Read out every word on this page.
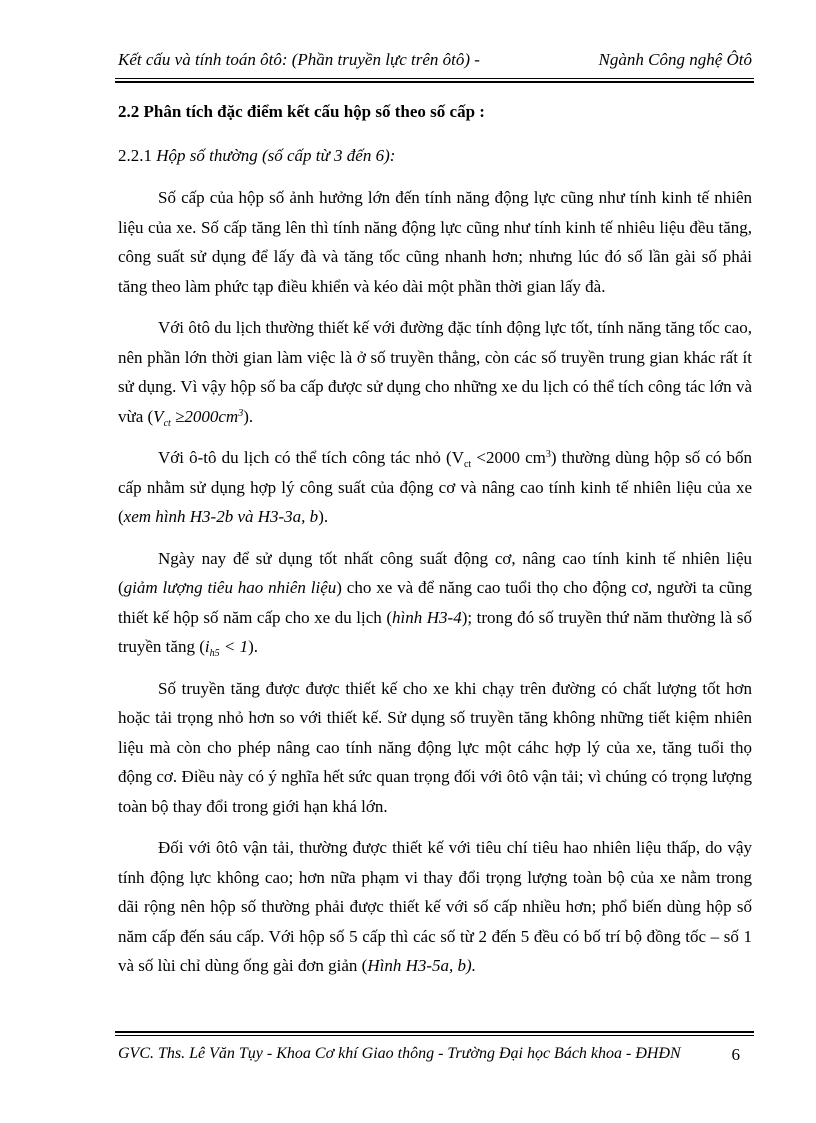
Kết cấu và tính toán ôtô: (Phần truyền lực trên ôtô) -	Ngành Công nghệ Ôtô
2.2 Phân tích đặc điểm kết cấu hộp số theo số cấp :
2.2.1 Hộp số thường (số cấp từ 3 đến 6):

Số cấp của hộp số ảnh hưởng lớn đến tính năng động lực cũng như tính kinh tế nhiên liệu của xe. Số cấp tăng lên thì tính năng động lực cũng như tính kinh tế nhiêu liệu đều tăng, công suất sử dụng để lấy đà và tăng tốc cũng nhanh hơn; nhưng lúc đó số lần gài số phải tăng theo làm phức tạp điều khiển và kéo dài một phần thời gian lấy đà.

Với ôtô du lịch thường thiết kế với đường đặc tính động lực tốt, tính năng tăng tốc cao, nên phần lớn thời gian làm việc là ở số truyền thẳng, còn các số truyền trung gian khác rất ít sử dụng. Vì vậy hộp số ba cấp được sử dụng cho những xe du lịch có thể tích công tác lớn và vừa $(V_{ct} \ge 2000cm^3)$.

Với ô-tô du lịch có thể tích công tác nhỏ ($V_{ct} <2000$ $cm^3$) thường dùng hộp số có bốn cấp nhằm sử dụng hợp lý công suất của động cơ và nâng cao tính kinh tế nhiên liệu của xe (xem hình H3-2b và H3-3a, b).

Ngày nay để sử dụng tốt nhất công suất động cơ, nâng cao tính kinh tế nhiên liệu (giảm lượng tiêu hao nhiên liệu) cho xe và để năng cao tuổi thọ cho động cơ, người ta cũng thiết kế hộp số năm cấp cho xe du lịch (hình H3-4); trong đó số truyền thứ năm thường là số truyền tăng $(i_{h5} < 1)$.

Số truyền tăng được được thiết kế cho xe khi chạy trên đường có chất lượng tốt hơn hoặc tải trọng nhỏ hơn so với thiết kế. Sử dụng số truyền tăng không những tiết kiệm nhiên liệu mà còn cho phép nâng cao tính năng động lực một cáhc hợp lý của xe, tăng tuổi thọ động cơ. Điều này có ý nghĩa hết sức quan trọng đối với ôtô vận tải; vì chúng có trọng lượng toàn bộ thay đổi trong giới hạn khá lớn.

Đối với ôtô vận tải, thường được thiết kế với tiêu chí tiêu hao nhiên liệu thấp, do vậy tính động lực không cao; hơn nữa phạm vi thay đổi trọng lượng toàn bộ của xe nằm trong dãi rộng nên hộp số thường phải được thiết kế với số cấp nhiều hơn; phổ biến dùng hộp số năm cấp đến sáu cấp. Với hộp số 5 cấp thì các số từ 2 đến 5 đều có bố trí bộ đồng tốc – số 1 và số lùi chỉ dùng ống gài đơn giản (Hình H3-5a, b).

GVC. Ths. Lê Văn Tụy - Khoa Cơ khí Giao thông - Trường Đại học Bách khoa - ĐHĐN	6
